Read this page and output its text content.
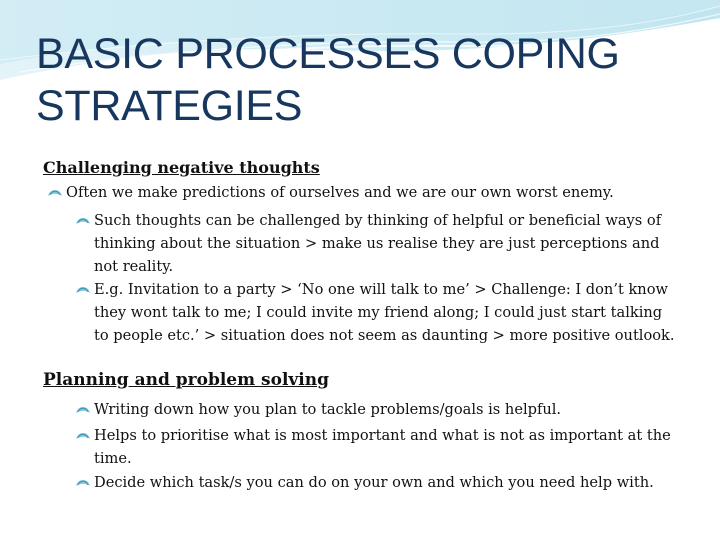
BASIC PROCESSES COPING STRATEGIES
Challenging negative thoughts
Often we make predictions of ourselves and we are our own worst enemy.
Such thoughts can be challenged by thinking of helpful or beneficial ways of thinking about the situation > make us realise they are just perceptions and not reality.
E.g. Invitation to a party > ‘No one will talk to me’ > Challenge: I don’t know they wont talk to me; I could invite my friend along; I could just start talking to people etc.’ > situation does not seem as daunting > more positive outlook.
Planning and problem solving
Writing down how you plan to tackle problems/goals is helpful.
Helps to prioritise what is most important and what is not as important at the time.
Decide which task/s you can do on your own and which you need help with.
